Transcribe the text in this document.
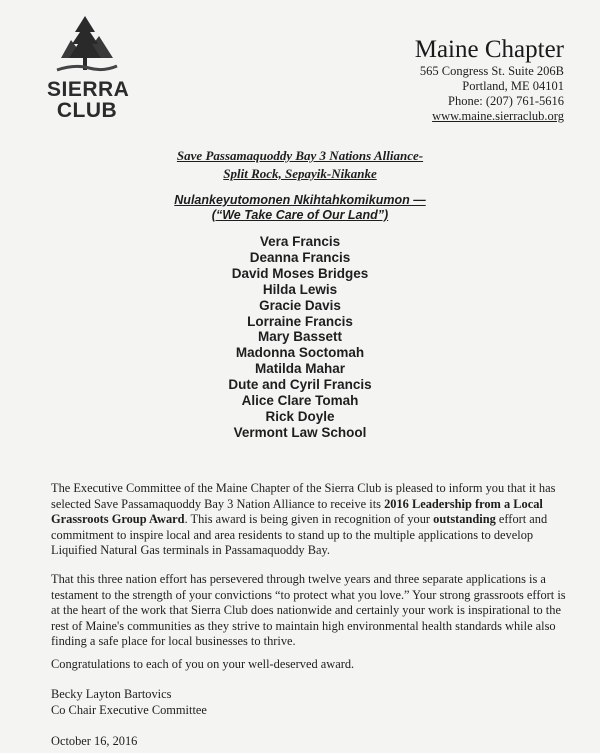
SIERRA
CLUB
Maine Chapter
565 Congress St. Suite 206B
Portland, ME 04101
Phone: (207) 761-5616
www.maine.sierraclub.org
Save Passamaquoddy Bay 3 Nations Alliance-
Split Rock, Sepayik-Nikanke
Nulankeyutomonen Nkihtahkomikumon —
(“We Take Care of Our Land”)
Vera Francis
Deanna Francis
David Moses Bridges
Hilda Lewis
Gracie Davis
Lorraine Francis
Mary Bassett
Madonna Soctomah
Matilda Mahar
Dute and Cyril Francis
Alice Clare Tomah
Rick Doyle
Vermont Law School

The Executive Committee of the Maine Chapter of the Sierra Club is pleased to inform you that it has selected Save Passamaquoddy Bay 3 Nation Alliance to receive its 2016 Leadership from a Local Grassroots Group Award. This award is being given in recognition of your outstanding effort and commitment to inspire local and area residents to stand up to the multiple applications to develop Liquified Natural Gas terminals in Passamaquoddy Bay.

That this three nation effort has persevered through twelve years and three separate applications is a testament to the strength of your convictions “to protect what you love.” Your strong grassroots effort is at the heart of the work that Sierra Club does nationwide and certainly your work is inspirational to the rest of Maine's communities as they strive to maintain high environmental health standards while also finding a safe place for local businesses to thrive.

Congratulations to each of you on your well-deserved award.

Becky Layton Bartovics
Co Chair Executive Committee
October 16, 2016
